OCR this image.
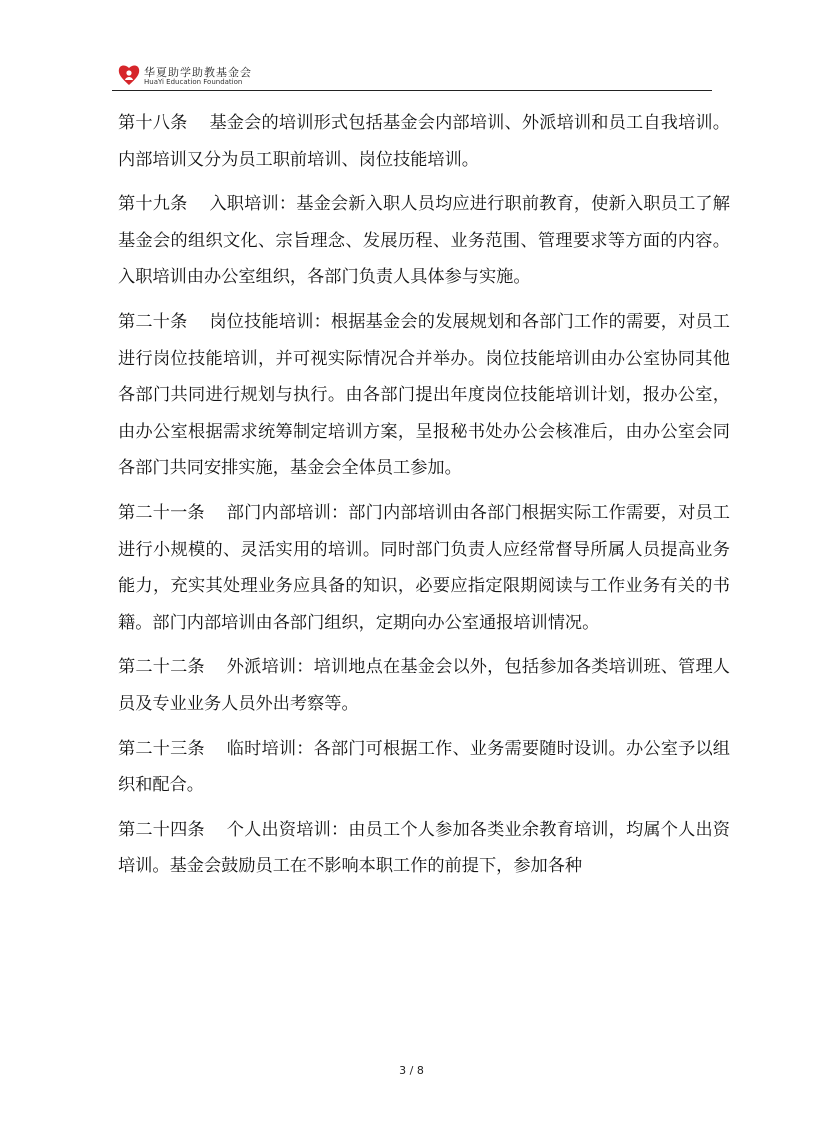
华夏助学助教基金会
HuaYi Education Foundation

第十八条 基金会的培训形式包括基金会内部培训、外派培训和员工自我培训。内部培训又分为员工职前培训、岗位技能培训。

第十九条 入职培训：基金会新入职人员均应进行职前教育，使新入职员工了解基金会的组织文化、宗旨理念、发展历程、业务范围、管理要求等方面的内容。入职培训由办公室组织，各部门负责人具体参与实施。

第二十条 岗位技能培训：根据基金会的发展规划和各部门工作的需要，对员工进行岗位技能培训，并可视实际情况合并举办。岗位技能培训由办公室协同其他各部门共同进行规划与执行。由各部门提出年度岗位技能培训计划，报办公室，由办公室根据需求统筹制定培训方案，呈报秘书处办公会核准后，由办公室会同各部门共同安排实施，基金会全体员工参加。

第二十一条 部门内部培训：部门内部培训由各部门根据实际工作需要，对员工进行小规模的、灵活实用的培训。同时部门负责人应经常督导所属人员提高业务能力，充实其处理业务应具备的知识，必要应指定限期阅读与工作业务有关的书籍。部门内部培训由各部门组织，定期向办公室通报培训情况。

第二十二条 外派培训：培训地点在基金会以外，包括参加各类培训班、管理人员及专业业务人员外出考察等。

第二十三条 临时培训：各部门可根据工作、业务需要随时设训。办公室予以组织和配合。

第二十四条 个人出资培训：由员工个人参加各类业余教育培训，均属个人出资培训。基金会鼓励员工在不影响本职工作的前提下，参加各种

3 / 8
